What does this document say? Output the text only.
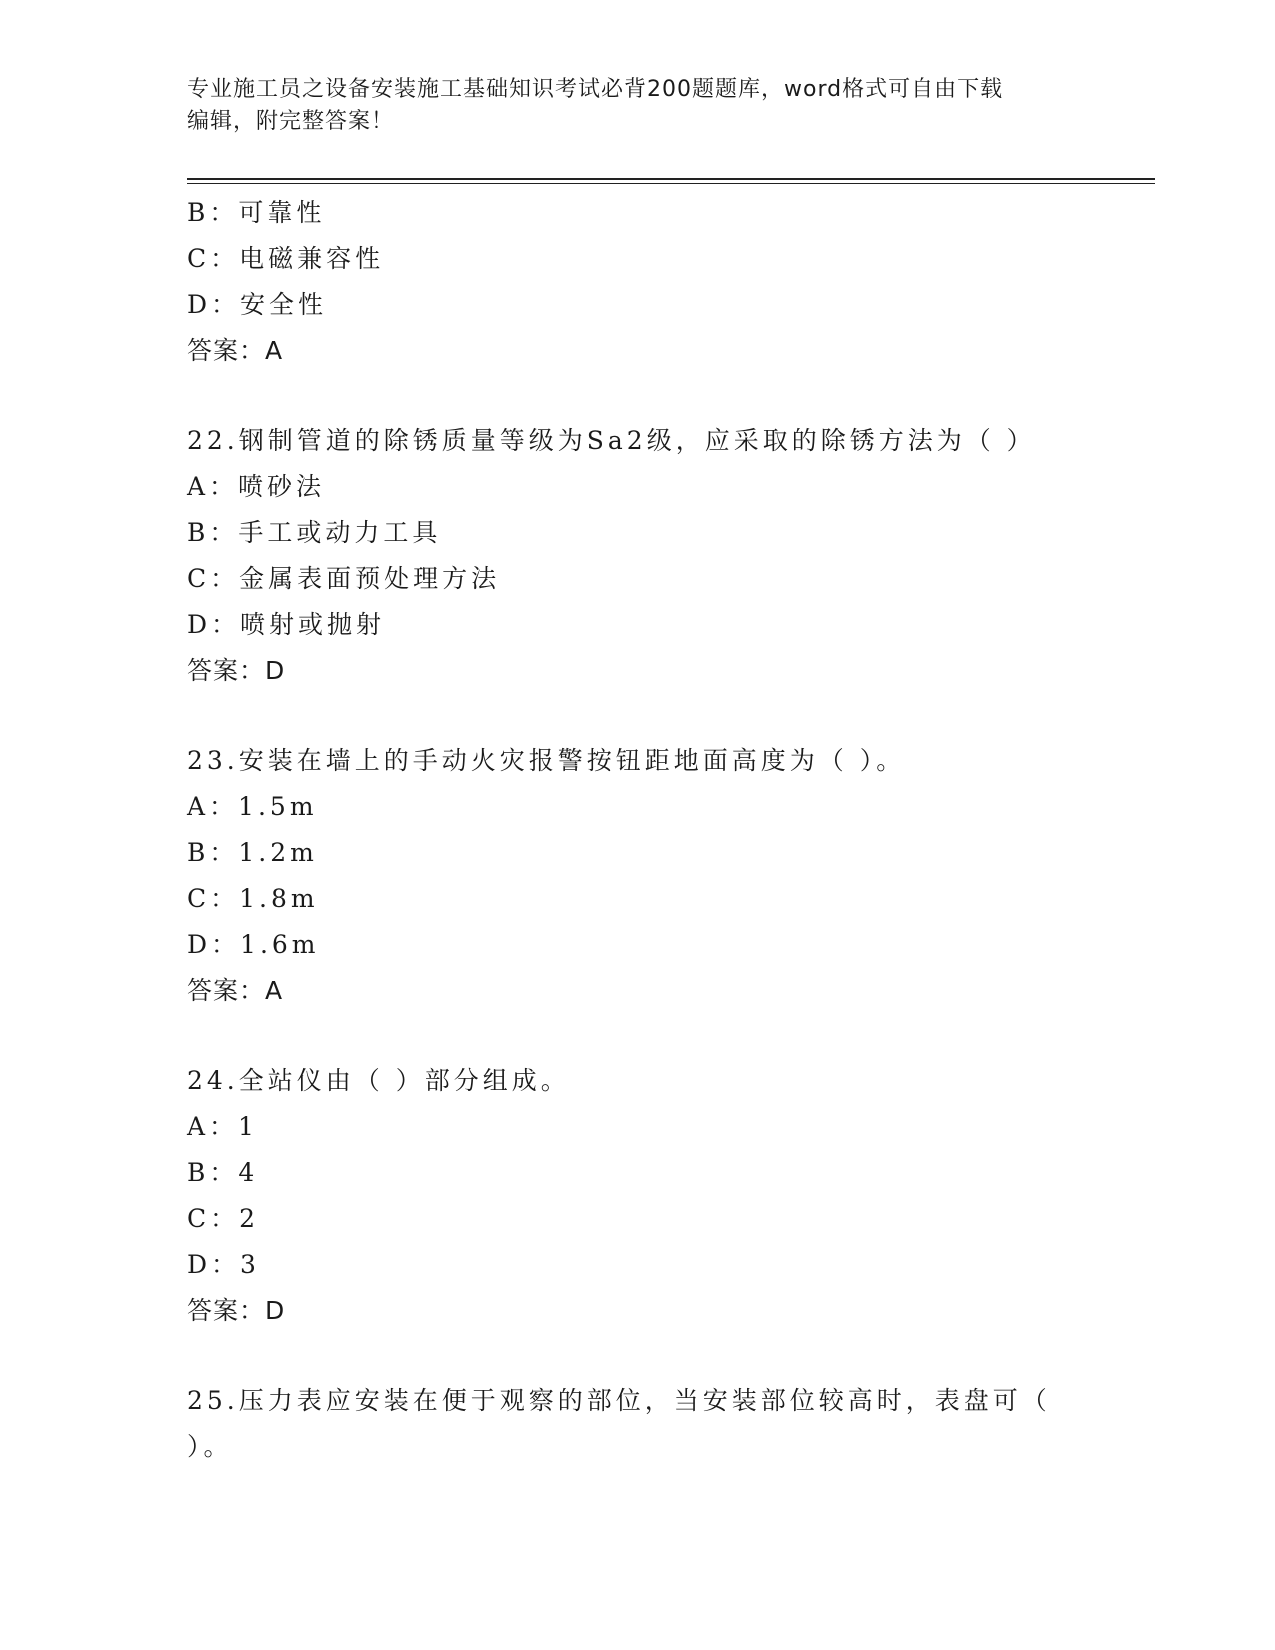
专业施工员之设备安装施工基础知识考试必背200题题库，word格式可自由下载
编辑，附完整答案！
B：可靠性
C：电磁兼容性
D：安全性
答案：A
22.钢制管道的除锈质量等级为Sa2级，应采取的除锈方法为（ ）
A：喷砂法
B：手工或动力工具
C：金属表面预处理方法
D：喷射或抛射
答案：D
23.安装在墙上的手动火灾报警按钮距地面高度为（ ）。
A：1.5m
B：1.2m
C：1.8m
D：1.6m
答案：A
24.全站仪由（ ）部分组成。
A：1
B：4
C：2
D：3
答案：D
25.压力表应安装在便于观察的部位，当安装部位较高时，表盘可（
）。
